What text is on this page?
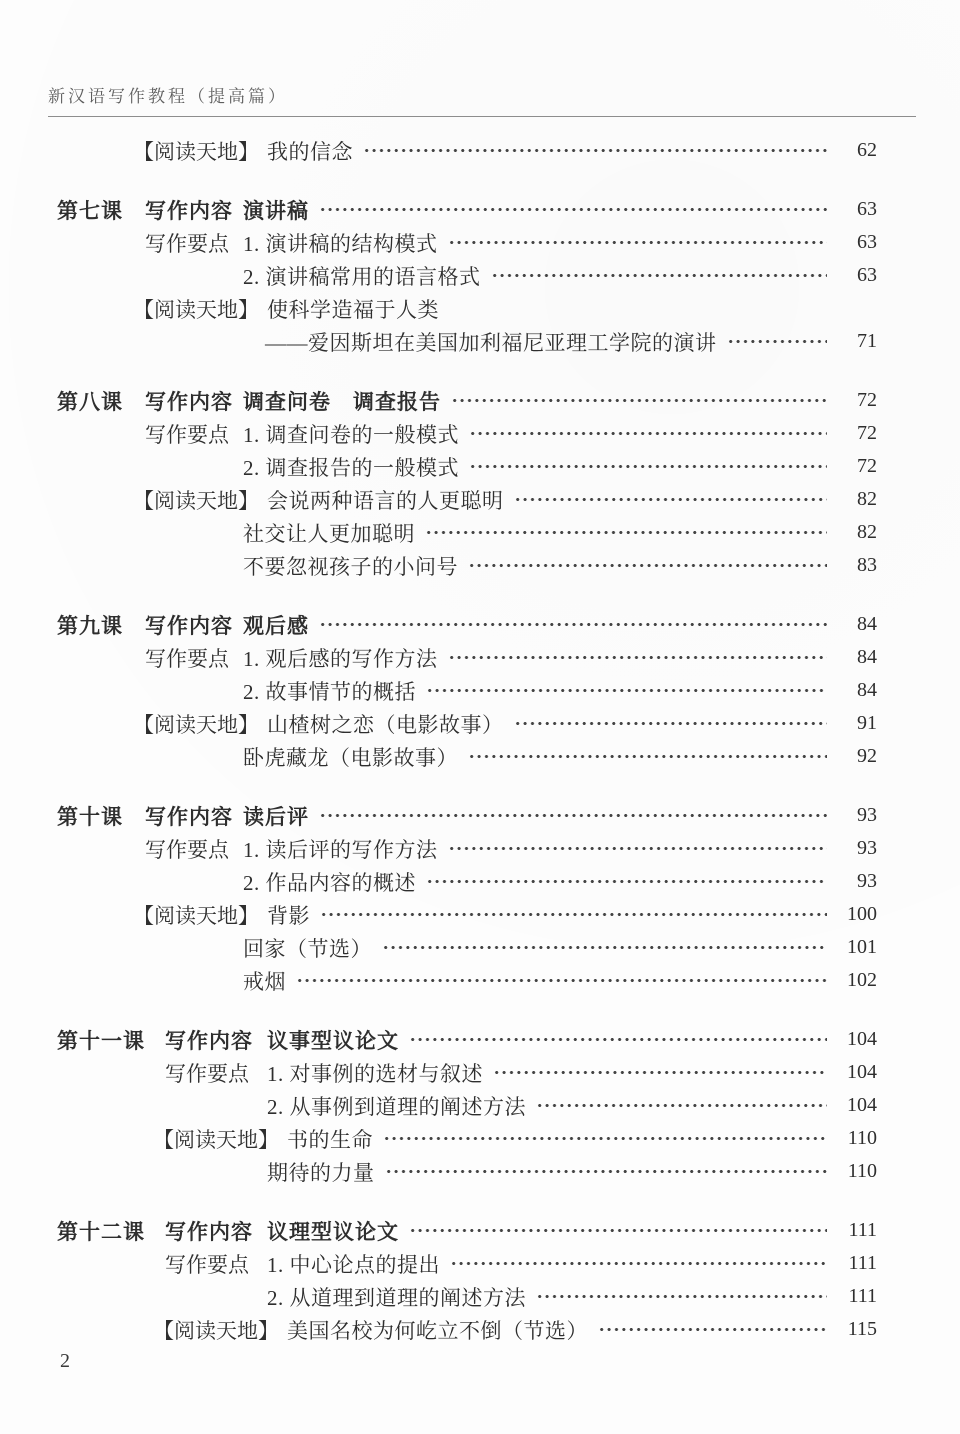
新汉语写作教程（提高篇）
【阅读天地】 我的信念	62
第七课	写作内容 演讲稿	63
写作要点 1. 演讲稿的结构模式	63
2. 演讲稿常用的语言格式	63
【阅读天地】 使科学造福于人类
——爱因斯坦在美国加利福尼亚理工学院的演讲	71
第八课	写作内容 调查问卷　调查报告	72
写作要点 1. 调查问卷的一般模式	72
2. 调查报告的一般模式	72
【阅读天地】 会说两种语言的人更聪明	82
社交让人更加聪明	82
不要忽视孩子的小问号	83
第九课	写作内容 观后感	84
写作要点 1. 观后感的写作方法	84
2. 故事情节的概括	84
【阅读天地】 山楂树之恋（电影故事）	91
卧虎藏龙（电影故事）	92
第十课	写作内容 读后评	93
写作要点 1. 读后评的写作方法	93
2. 作品内容的概述	93
【阅读天地】 背影	100
回家（节选）	101
戒烟	102
第十一课 写作内容 议事型议论文	104
写作要点 1. 对事例的选材与叙述	104
2. 从事例到道理的阐述方法	104
【阅读天地】 书的生命	110
期待的力量	110
第十二课 写作内容 议理型议论文	111
写作要点 1. 中心论点的提出	111
2. 从道理到道理的阐述方法	111
【阅读天地】 美国名校为何屹立不倒（节选）	115
2
